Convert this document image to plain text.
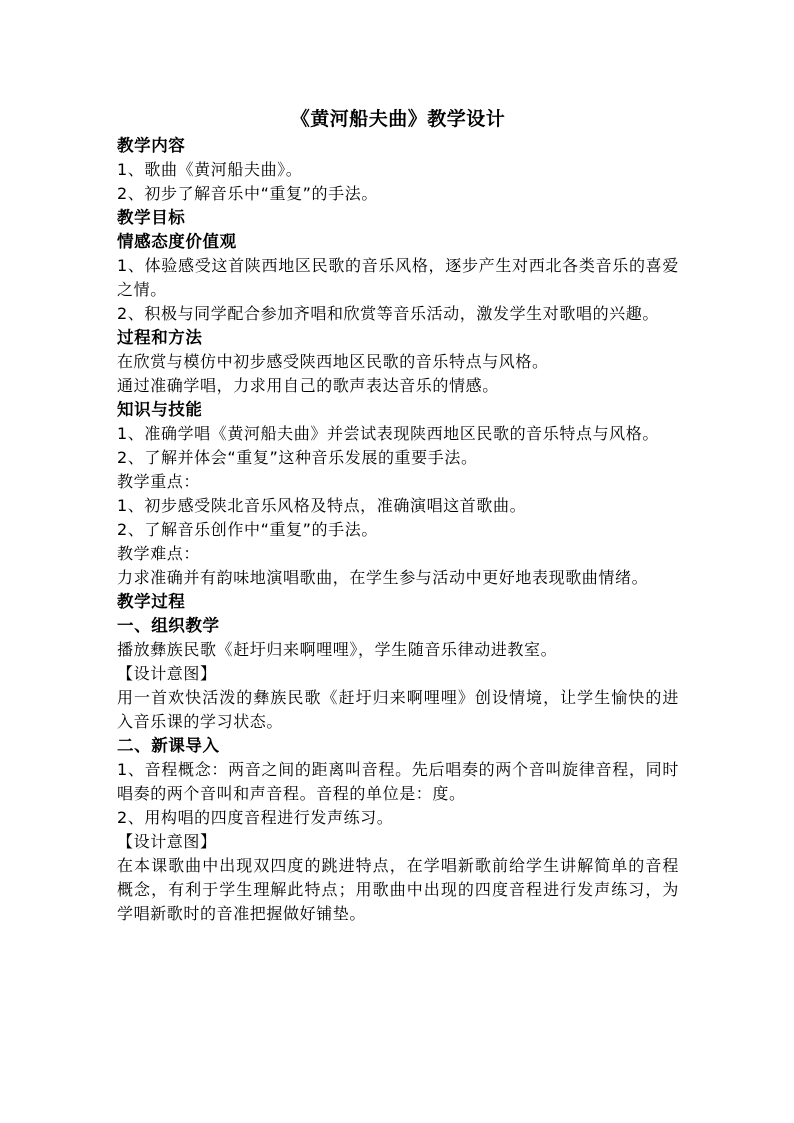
《黄河船夫曲》教学设计

教学内容

1、歌曲《黄河船夫曲》。

2、初步了解音乐中“重复”的手法。

教学目标

情感态度价值观

1、体验感受这首陕西地区民歌的音乐风格，逐步产生对西北各类音乐的喜爱之情。

2、积极与同学配合参加齐唱和欣赏等音乐活动，激发学生对歌唱的兴趣。

过程和方法

在欣赏与模仿中初步感受陕西地区民歌的音乐特点与风格。

通过准确学唱，力求用自己的歌声表达音乐的情感。

知识与技能

1、准确学唱《黄河船夫曲》并尝试表现陕西地区民歌的音乐特点与风格。

2、了解并体会“重复”这种音乐发展的重要手法。

教学重点：

1、初步感受陕北音乐风格及特点，准确演唱这首歌曲。

2、了解音乐创作中“重复”的手法。

教学难点：

力求准确并有韵味地演唱歌曲，在学生参与活动中更好地表现歌曲情绪。

教学过程

一、组织教学

播放彝族民歌《赶圩归来啊哩哩》，学生随音乐律动进教室。

【设计意图】

用一首欢快活泼的彝族民歌《赶圩归来啊哩哩》创设情境，让学生愉快的进入音乐课的学习状态。

二、新课导入

1、音程概念：两音之间的距离叫音程。先后唱奏的两个音叫旋律音程，同时唱奏的两个音叫和声音程。音程的单位是：度。

2、用构唱的四度音程进行发声练习。

【设计意图】

在本课歌曲中出现双四度的跳进特点，在学唱新歌前给学生讲解简单的音程概念，有利于学生理解此特点；用歌曲中出现的四度音程进行发声练习，为学唱新歌时的音准把握做好铺垫。
